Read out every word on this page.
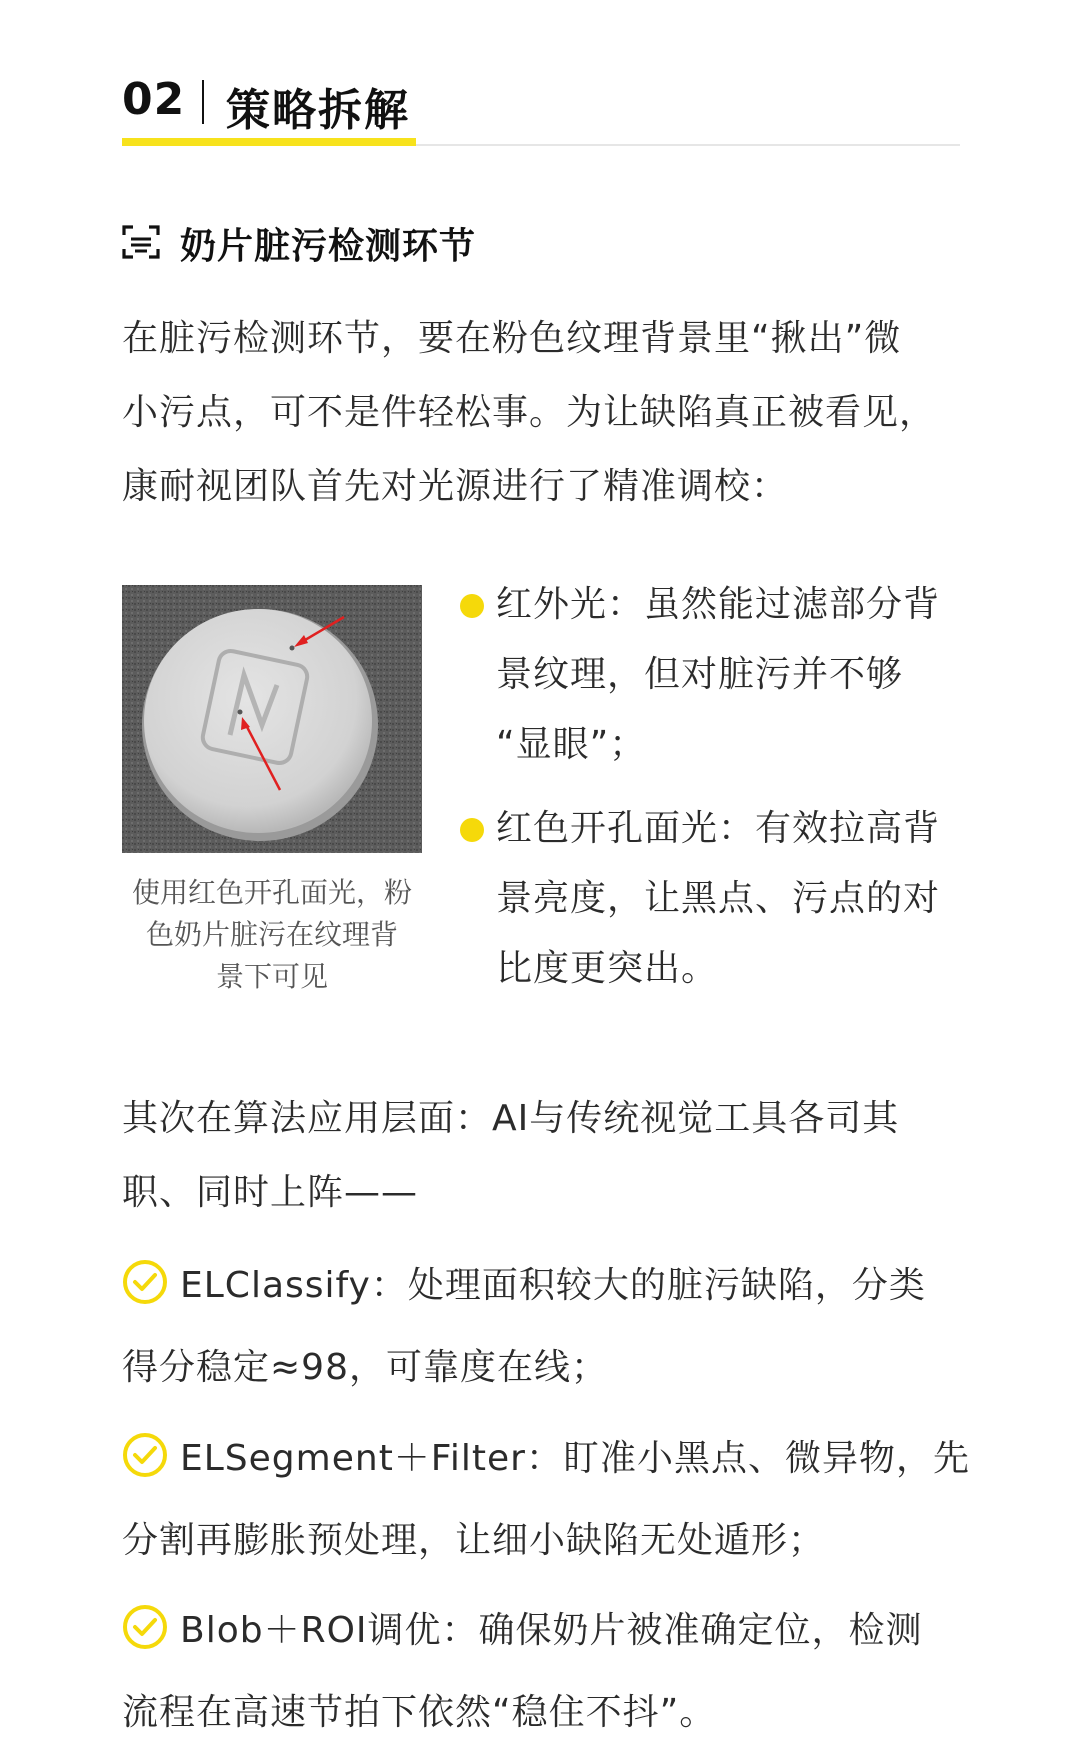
02 策略拆解
奶片脏污检测环节

在脏污检测环节，要在粉色纹理背景里“揪出”微

小污点，可不是件轻松事。为让缺陷真正被看见，

康耐视团队首先对光源进行了精准调校：

使用红色开孔面光，粉

色奶片脏污在纹理背

景下可见

红外光：虽然能过滤部分背

景纹理，但对脏污并不够

“显眼”；

红色开孔面光：有效拉高背

景亮度，让黑点、污点的对

比度更突出。

其次在算法应用层面：AI与传统视觉工具各司其

职、同时上阵——

ELClassify：处理面积较大的脏污缺陷，分类

得分稳定≈98，可靠度在线；

ELSegment＋Filter：盯准小黑点、微异物，先

分割再膨胀预处理，让细小缺陷无处遁形；

Blob＋ROI调优：确保奶片被准确定位，检测

流程在高速节拍下依然“稳住不抖”。
